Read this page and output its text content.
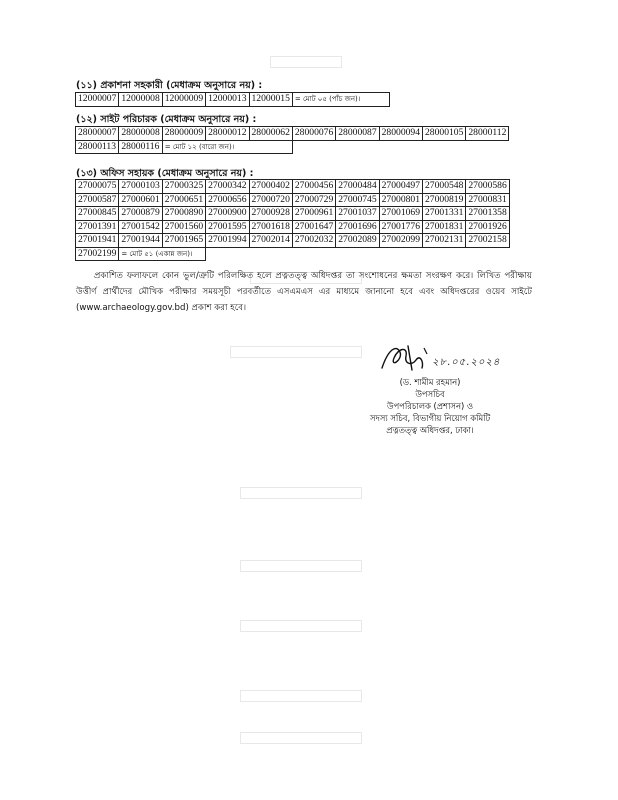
(১১) প্রকাশনা সহকারী (মেধাক্রম অনুসারে নয়) :
12000007	12000008	12000009	12000013	12000015	= মোট ০৫ (পাঁচ জন)।
(১২) সাইট পরিচারক (মেধাক্রম অনুসারে নয়) :
28000007	28000008	28000009	28000012	28000062	28000076	28000087	28000094	28000105	28000112
28000113	28000116	= মোট ১২ (বারো জন)।							
(১৩) অফিস সহায়ক (মেধাক্রম অনুসারে নয়) :
27000075	27000103	27000325	27000342	27000402	27000456	27000484	27000497	27000548	27000586
27000587	27000601	27000651	27000656	27000720	27000729	27000745	27000801	27000819	27000831
27000845	27000879	27000890	27000900	27000928	27000961	27001037	27001069	27001331	27001358
27001391	27001542	27001560	27001595	27001618	27001647	27001696	27001776	27001831	27001926
27001941	27001944	27001965	27001994	27002014	27002032	27002089	27002099	27002131	27002158
27002199	= মোট ৫১ (একান্ন জন)।								
প্রকাশিত ফলাফলে কোন ভুল/ত্রুটি পরিলক্ষিত হলে প্রত্নতত্ত্ব অধিদপ্তর তা সংশোধনের ক্ষমতা সংরক্ষণ করে। লিখিত পরীক্ষায় উত্তীর্ণ প্রার্থীদের মৌখিক পরীক্ষার সময়সূচী পরবর্তীতে এসএমএস এর মাধ্যমে জানানো হবে এবং অধিদপ্তরের ওয়েব সাইটে (www.archaeology.gov.bd) প্রকাশ করা হবে।
২৮.০৫.২০২৪
(ড. শামীম রহমান)
উপসচিব
উপপরিচালক (প্রশাসন) ও
সদস্য সচিব, বিভাগীয় নিয়োগ কমিটি
প্রত্নতত্ত্ব অধিদপ্তর, ঢাকা।
